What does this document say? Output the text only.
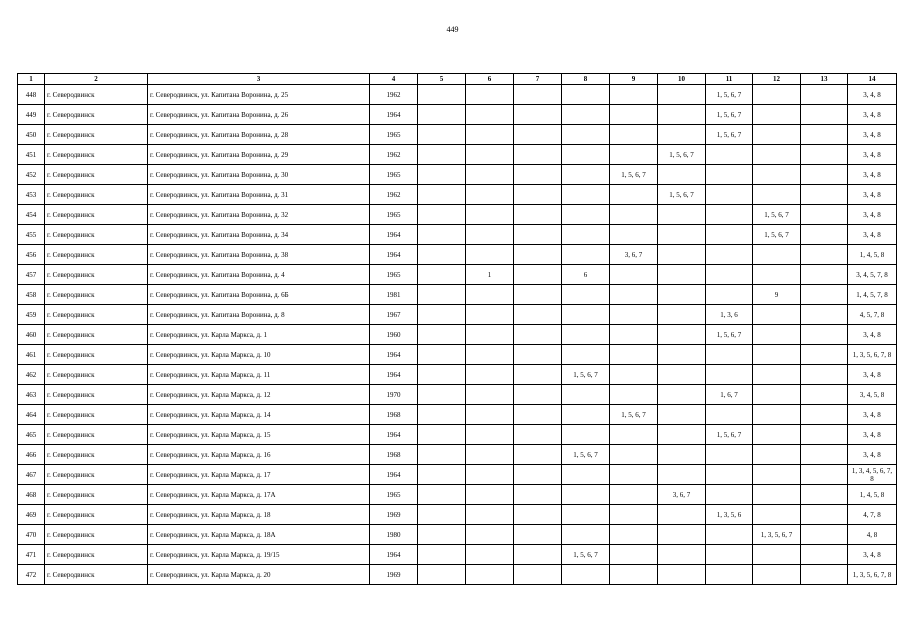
449
1	2	3	4	5	6	7	8	9	10	11	12	13	14
448	г. Северодвинск	г. Северодвинск, ул. Капитана Воронина, д. 25	1962							1, 5, 6, 7			3, 4, 8
449	г. Северодвинск	г. Северодвинск, ул. Капитана Воронина, д. 26	1964							1, 5, 6, 7			3, 4, 8
450	г. Северодвинск	г. Северодвинск, ул. Капитана Воронина, д. 28	1965							1, 5, 6, 7			3, 4, 8
451	г. Северодвинск	г. Северодвинск, ул. Капитана Воронина, д. 29	1962						1, 5, 6, 7				3, 4, 8
452	г. Северодвинск	г. Северодвинск, ул. Капитана Воронина, д. 30	1965					1, 5, 6, 7					3, 4, 8
453	г. Северодвинск	г. Северодвинск, ул. Капитана Воронина, д. 31	1962						1, 5, 6, 7				3, 4, 8
454	г. Северодвинск	г. Северодвинск, ул. Капитана Воронина, д. 32	1965								1, 5, 6, 7		3, 4, 8
455	г. Северодвинск	г. Северодвинск, ул. Капитана Воронина, д. 34	1964								1, 5, 6, 7		3, 4, 8
456	г. Северодвинск	г. Северодвинск, ул. Капитана Воронина, д. 38	1964					3, 6, 7					1, 4, 5, 8
457	г. Северодвинск	г. Северодвинск, ул. Капитана Воронина, д. 4	1965		1		6						3, 4, 5, 7, 8
458	г. Северодвинск	г. Северодвинск, ул. Капитана Воронина, д. 6Б	1981								9		1, 4, 5, 7, 8
459	г. Северодвинск	г. Северодвинск, ул. Капитана Воронина, д. 8	1967							1, 3, 6			4, 5, 7, 8
460	г. Северодвинск	г. Северодвинск, ул. Карла Маркса, д. 1	1960							1, 5, 6, 7			3, 4, 8
461	г. Северодвинск	г. Северодвинск, ул. Карла Маркса, д. 10	1964										1, 3, 5, 6, 7, 8
462	г. Северодвинск	г. Северодвинск, ул. Карла Маркса, д. 11	1964				1, 5, 6, 7						3, 4, 8
463	г. Северодвинск	г. Северодвинск, ул. Карла Маркса, д. 12	1970							1, 6, 7			3, 4, 5, 8
464	г. Северодвинск	г. Северодвинск, ул. Карла Маркса, д. 14	1968					1, 5, 6, 7					3, 4, 8
465	г. Северодвинск	г. Северодвинск, ул. Карла Маркса, д. 15	1964							1, 5, 6, 7			3, 4, 8
466	г. Северодвинск	г. Северодвинск, ул. Карла Маркса, д. 16	1968				1, 5, 6, 7						3, 4, 8
467	г. Северодвинск	г. Северодвинск, ул. Карла Маркса, д. 17	1964										1, 3, 4, 5, 6, 7, 8
468	г. Северодвинск	г. Северодвинск, ул. Карла Маркса, д. 17А	1965						3, 6, 7				1, 4, 5, 8
469	г. Северодвинск	г. Северодвинск, ул. Карла Маркса, д. 18	1969							1, 3, 5, 6			4, 7, 8
470	г. Северодвинск	г. Северодвинск, ул. Карла Маркса, д. 18А	1980								1, 3, 5, 6, 7		4, 8
471	г. Северодвинск	г. Северодвинск, ул. Карла Маркса, д. 19/15	1964				1, 5, 6, 7						3, 4, 8
472	г. Северодвинск	г. Северодвинск, ул. Карла Маркса, д. 20	1969										1, 3, 5, 6, 7, 8
